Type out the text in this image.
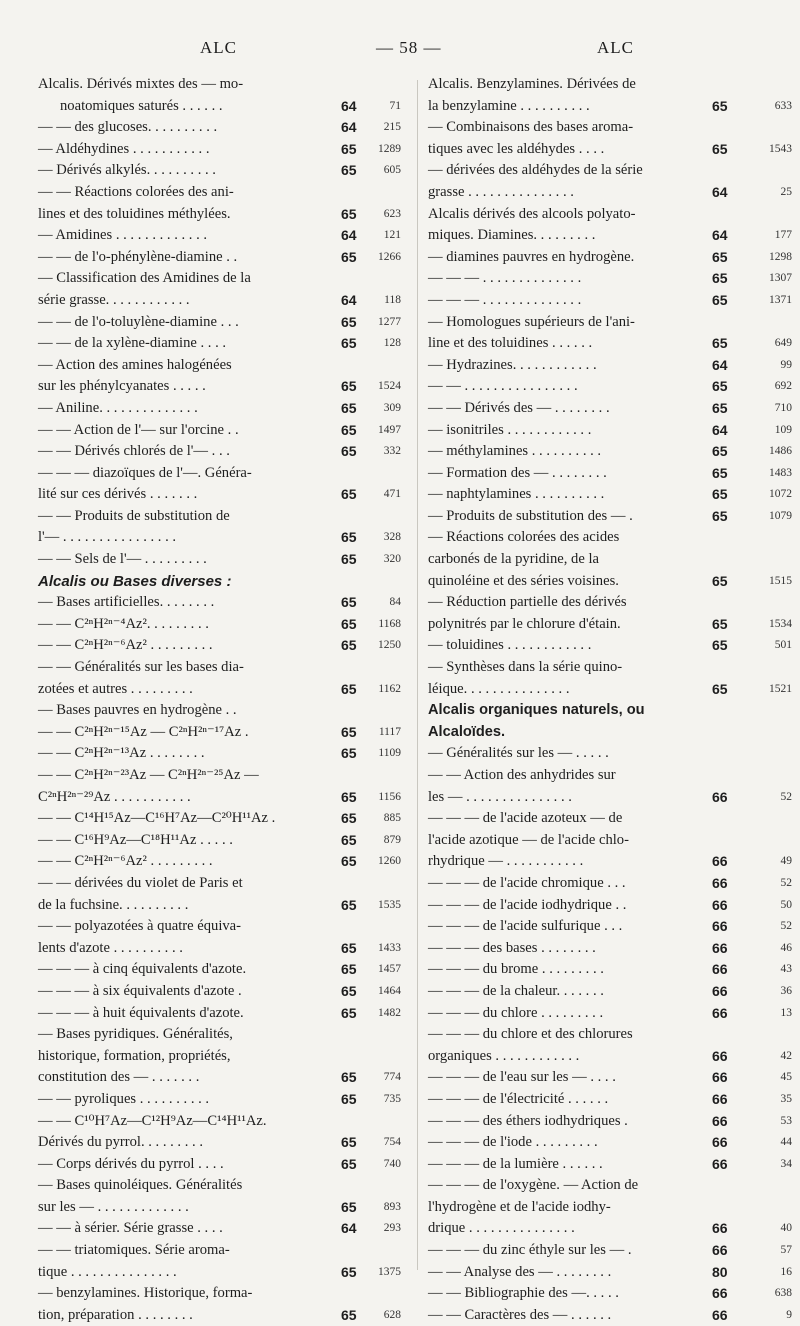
ALC	— 58 —	ALC
Alcalis. Dérivés mixtes des — mo-
noatomiques saturés . . . . . .	64	71
— — des glucoses. . . . . . . . . .	64 215
— Aldéhydines . . . . . . . . . . .	65 1289
— Dérivés alkylés. . . . . . . . . .	65 605
— — Réactions colorées des ani-
lines et des toluidines méthylées.	65 623
— Amidines . . . . . . . . . . . . .	64 121
— — de l'o-phénylène-diamine . .	65 1266
— Classification des Amidines de la
série grasse. . . . . . . . . . . .	64 118
— — de l'o-toluylène-diamine . . .	65 1277
— — de la xylène-diamine . . . .	65 128
— Action des amines halogénées
sur les phénylcyanates . . . . .	65 1524
— Aniline. . . . . . . . . . . . . .	65 309
— — Action de l'— sur l'orcine . .	65 1497
— — Dérivés chlorés de l'— . . .	65 332
— — — diazoïques de l'—. Généra-
lité sur ces dérivés . . . . . . .	65 471
— — Produits de substitution de
l'— . . . . . . . . . . . . . . . .	65 328
— — Sels de l'— . . . . . . . . .	65 320
Alcalis ou Bases diverses :
— Bases artificielles. . . . . . . .	65	84
— — C²ⁿH²ⁿ⁻⁴Az². . . . . . . . .	65 1168
— — C²ⁿH²ⁿ⁻⁶Az² . . . . . . . . .	65 1250
— — Généralités sur les bases dia-
zotées et autres . . . . . . . . .	65 1162
— Bases pauvres en hydrogène . .
— — C²ⁿH²ⁿ⁻¹⁵Az — C²ⁿH²ⁿ⁻¹⁷Az .	65 1117
— — C²ⁿH²ⁿ⁻¹³Az . . . . . . . .	65 1109
— — C²ⁿH²ⁿ⁻²³Az — C²ⁿH²ⁿ⁻²⁵Az —
C²ⁿH²ⁿ⁻²⁹Az . . . . . . . . . . .	65 1156
— — C¹⁴H¹⁵Az—C¹⁶H⁷Az—C²⁰H¹¹Az .	65 885
— — C¹⁶H⁹Az—C¹⁸H¹¹Az . . . . .	65 879
— — C²ⁿH²ⁿ⁻⁶Az² . . . . . . . . .	65 1260
— — dérivées du violet de Paris et
de la fuchsine. . . . . . . . . .	65 1535
— — polyazotées à quatre équiva-
lents d'azote . . . . . . . . . .	65 1433
— — — à cinq équivalents d'azote.	65 1457
— — — à six équivalents d'azote .	65 1464
— — — à huit équivalents d'azote.	65 1482
— Bases pyridiques. Généralités,
historique, formation, propriétés,
constitution des — . . . . . . .	65 774
— — pyroliques . . . . . . . . . .	65 735
— — C¹⁰H⁷Az—C¹²H⁹Az—C¹⁴H¹¹Az.
Dérivés du pyrrol. . . . . . . . .	65 754
— Corps dérivés du pyrrol . . . .	65 740
— Bases quinoléiques. Généralités
sur les — . . . . . . . . . . . . .	65 893
— — à sérier. Série grasse . . . .	64 293
— — triatomiques. Série aroma-
tique . . . . . . . . . . . . . . .	65 1375
— benzylamines. Historique, forma-
tion, préparation . . . . . . . .	65 628
Alcalis. Benzylamines. Dérivées de
la benzylamine . . . . . . . . . .	65	633
— Combinaisons des bases aroma-
tiques avec les aldéhydes . . . .	65	1543
— dérivées des aldéhydes de la série
grasse . . . . . . . . . . . . . . .	64	25
Alcalis dérivés des alcools polyato-
miques. Diamines. . . . . . . . .	64	177
— diamines pauvres en hydrogène.	65	1298
— — — . . . . . . . . . . . . . .	65	1307
— — — . . . . . . . . . . . . . .	65	1371
— Homologues supérieurs de l'ani-
line et des toluidines . . . . . .	65	649
— Hydrazines. . . . . . . . . . . .	64	99
— — . . . . . . . . . . . . . . . .	65	692
— — Dérivés des — . . . . . . . .	65	710
— isonitriles . . . . . . . . . . . .	64	109
— méthylamines . . . . . . . . . .	65	1486
— Formation des — . . . . . . . .	65	1483
— naphtylamines . . . . . . . . . .	65	1072
— Produits de substitution des — .	65	1079
— Réactions colorées des acides
carbonés de la pyridine, de la
quinoléine et des séries voisines.	65	1515
— Réduction partielle des dérivés
polynitrés par le chlorure d'étain.	65	1534
— toluidines . . . . . . . . . . . .	65	501
— Synthèses dans la série quino-
léique. . . . . . . . . . . . . . .	65	1521
Alcalis organiques naturels, ou
Alcaloïdes.
— Généralités sur les — . . . . .
— — Action des anhydrides sur
les — . . . . . . . . . . . . . . .	66	52
— — — de l'acide azoteux — de
l'acide azotique — de l'acide chlo-
rhydrique — . . . . . . . . . . .	66	49
— — — de l'acide chromique . . .	66	52
— — — de l'acide iodhydrique . .	66	50
— — — de l'acide sulfurique . . .	66	52
— — — des bases . . . . . . . .	66	46
— — — du brome . . . . . . . . .	66	43
— — — de la chaleur. . . . . . .	66	36
— — — du chlore . . . . . . . . .	66	13
— — — du chlore et des chlorures
organiques . . . . . . . . . . . .	66	42
— — — de l'eau sur les — . . . .	66	45
— — — de l'électricité . . . . . .	66	35
— — — des éthers iodhydriques .	66	53
— — — de l'iode . . . . . . . . .	66	44
— — — de la lumière . . . . . .	66	34
— — — de l'oxygène. — Action de
l'hydrogène et de l'acide iodhy-
drique . . . . . . . . . . . . . . .	66	40
— — — du zinc éthyle sur les — .	66	57
— — Analyse des — . . . . . . . .	80	16
— — Bibliographie des —. . . . .	66	638
— — Caractères des — . . . . . .	66	9
